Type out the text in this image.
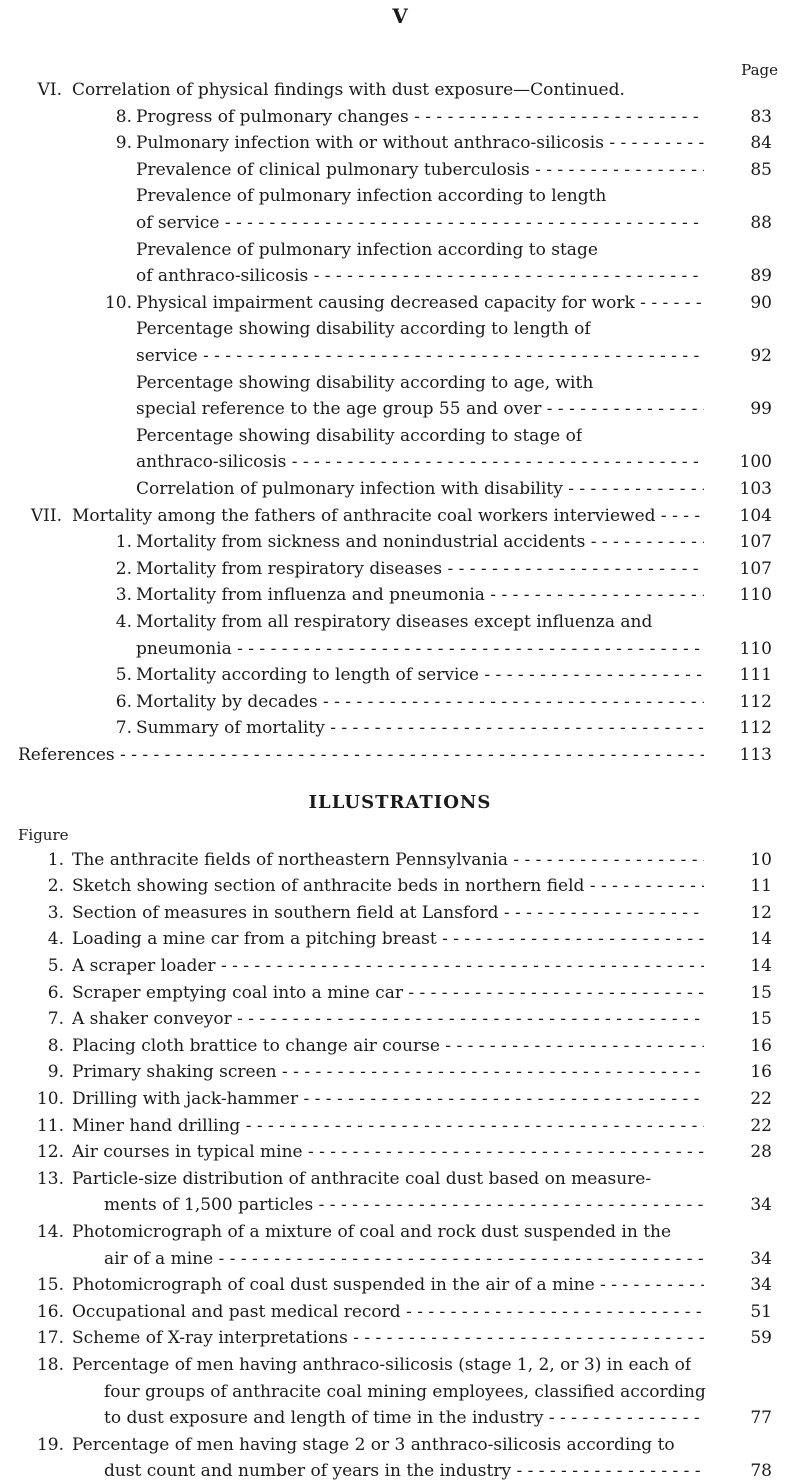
V
Page
VI. Correlation of physical findings with dust exposure—Continued.
8. Progress of pulmonary changes - - -	83
9. Pulmonary infection with or without anthraco-silicosis - - -	84
Prevalence of clinical pulmonary tuberculosis - - -	85
Prevalence of pulmonary infection according to length
of service - - -	88
Prevalence of pulmonary infection according to stage
of anthraco-silicosis - - -	89
10. Physical impairment causing decreased capacity for work - - -	90
Percentage showing disability according to length of
service - - -	92
Percentage showing disability according to age, with
special reference to the age group 55 and over - - -	99
Percentage showing disability according to stage of
anthraco-silicosis - - -	100
Correlation of pulmonary infection with disability - - -	103
VII. Mortality among the fathers of anthracite coal workers interviewed - - -	104
1. Mortality from sickness and nonindustrial accidents - - -	107
2. Mortality from respiratory diseases - - -	107
3. Mortality from influenza and pneumonia - - -	110
4. Mortality from all respiratory diseases except influenza and
pneumonia - - -	110
5. Mortality according to length of service - - -	111
6. Mortality by decades - - -	112
7. Summary of mortality - - -	112
References - - -	113
ILLUSTRATIONS
Figure
1. The anthracite fields of northeastern Pennsylvania - - -	10
2. Sketch showing section of anthracite beds in northern field - - -	11
3. Section of measures in southern field at Lansford - - -	12
4. Loading a mine car from a pitching breast - - -	14
5. A scraper loader - - -	14
6. Scraper emptying coal into a mine car - - -	15
7. A shaker conveyor - - -	15
8. Placing cloth brattice to change air course - - -	16
9. Primary shaking screen - - -	16
10. Drilling with jack-hammer - - -	22
11. Miner hand drilling - - -	22
12. Air courses in typical mine - - -	28
13. Particle-size distribution of anthracite coal dust based on measure-
ments of 1,500 particles - - -	34
14. Photomicrograph of a mixture of coal and rock dust suspended in the
air of a mine - - -	34
15. Photomicrograph of coal dust suspended in the air of a mine - - -	34
16. Occupational and past medical record - - -	51
17. Scheme of X-ray interpretations - - -	59
18. Percentage of men having anthraco-silicosis (stage 1, 2, or 3) in each of
four groups of anthracite coal mining employees, classified according
to dust exposure and length of time in the industry - - -	77
19. Percentage of men having stage 2 or 3 anthraco-silicosis according to
dust count and number of years in the industry - - -	78
